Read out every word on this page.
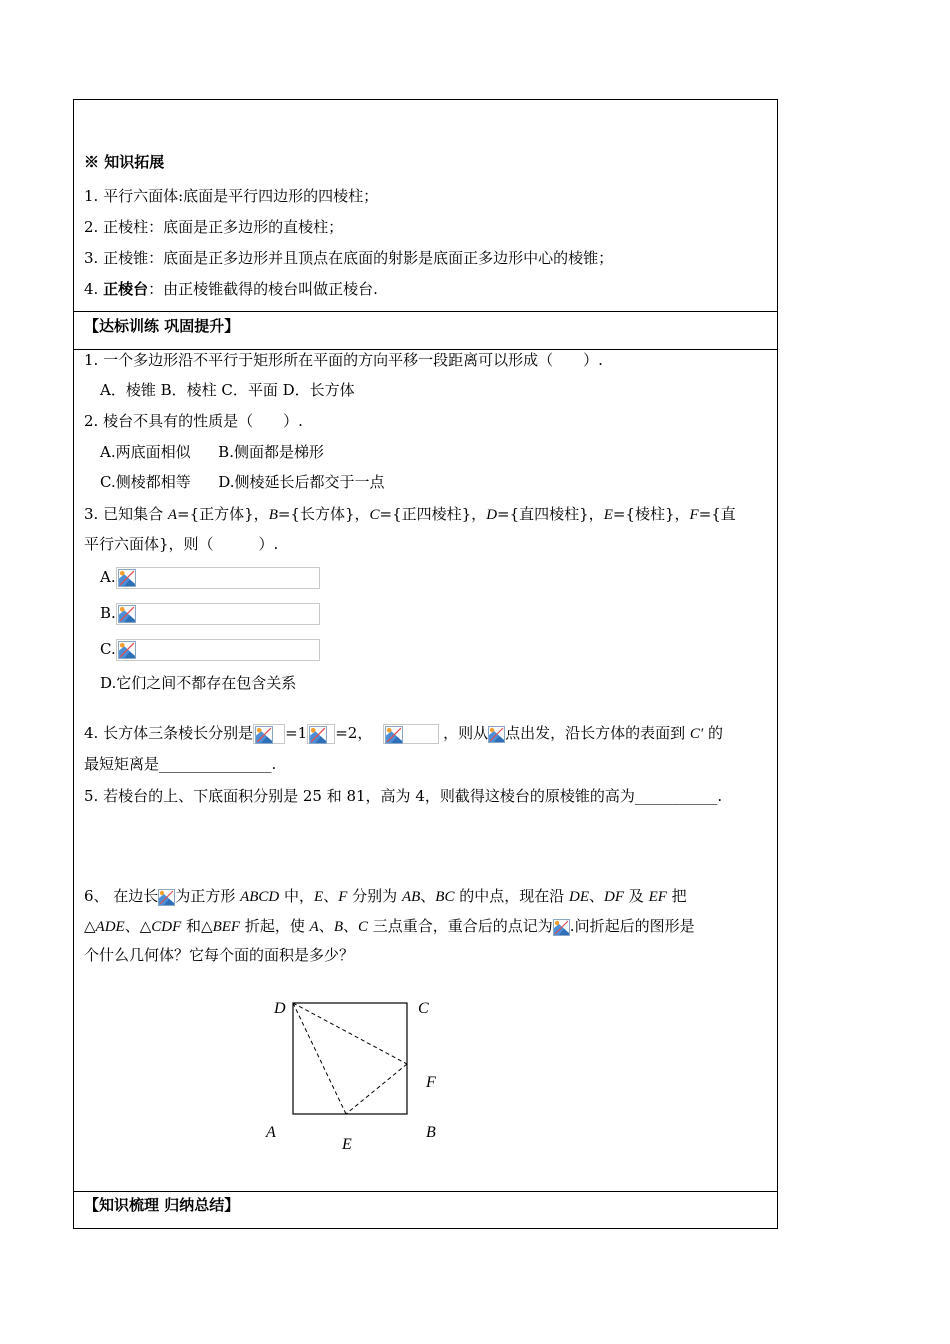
※ 知识拓展
1. 平行六面体:底面是平行四边形的四棱柱；
2. 正棱柱：底面是正多边形的直棱柱；
3. 正棱锥：底面是正多边形并且顶点在底面的射影是底面正多边形中心的棱锥；
4. 正棱台：由正棱锥截得的棱台叫做正棱台.
【达标训练 巩固提升】
1. 一个多边形沿不平行于矩形所在平面的方向平移一段距离可以形成（　　）.
A．棱锥 B．棱柱 C．平面 D．长方体
2. 棱台不具有的性质是（　　）.
A.两底面相似 B.侧面都是梯形
C.侧棱都相等 D.侧棱延长后都交于一点
3. 已知集合 A={正方体}，B={长方体}，C={正四棱柱}，D={直四棱柱}，E={棱柱}，F={直
平行六面体}，则（　　　）.
A.
B.
C.
D.它们之间不都存在包含关系
4. 长方体三条棱长分别是 =1 =2，	，则从 点出发，沿长方体的表面到 C′ 的
最短矩离是_______________.
5. 若棱台的上、下底面积分别是 25 和 81，高为 4，则截得这棱台的原棱锥的高为___________.
6、 在边长 为正方形 ABCD 中，E、F 分别为 AB、BC 的中点，现在沿 DE、DF 及 EF 把
△ADE、△CDF 和△BEF 折起，使 A、B、C 三点重合，重合后的点记为 .问折起后的图形是
个什么几何体？它每个面的面积是多少？
D	C
F
A
E
B
【知识梳理 归纳总结】
